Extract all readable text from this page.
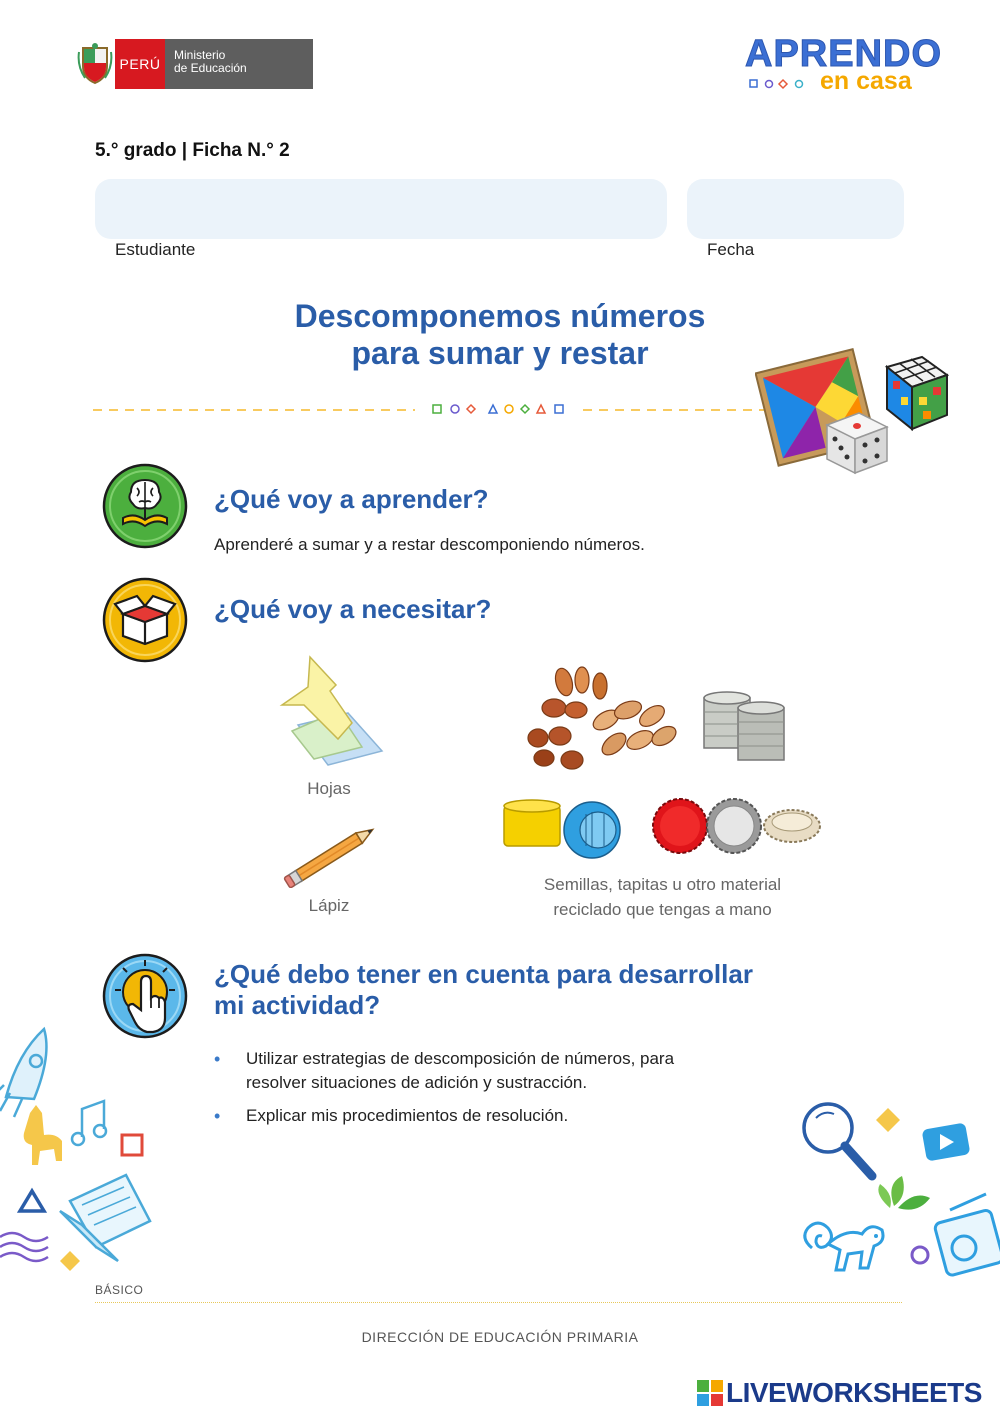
PERÚ
Ministerio
de Educación	APRENDO
en casa
5.° grado | Ficha N.° 2
Estudiante	Fecha
Descomponemos números
para sumar y restar
¿Qué voy a aprender?
Aprenderé a sumar y a restar descomponiendo números.
¿Qué voy a necesitar?
Hojas
Lápiz
Semillas, tapitas u otro material
reciclado que tengas a mano
¿Qué debo tener en cuenta para desarrollar
mi actividad?
• Utilizar estrategias de descomposición de números, para
resolver situaciones de adición y sustracción.
• Explicar mis procedimientos de resolución.
BÁSICO
DIRECCIÓN DE EDUCACIÓN PRIMARIA
LIVEWORKSHEETS
